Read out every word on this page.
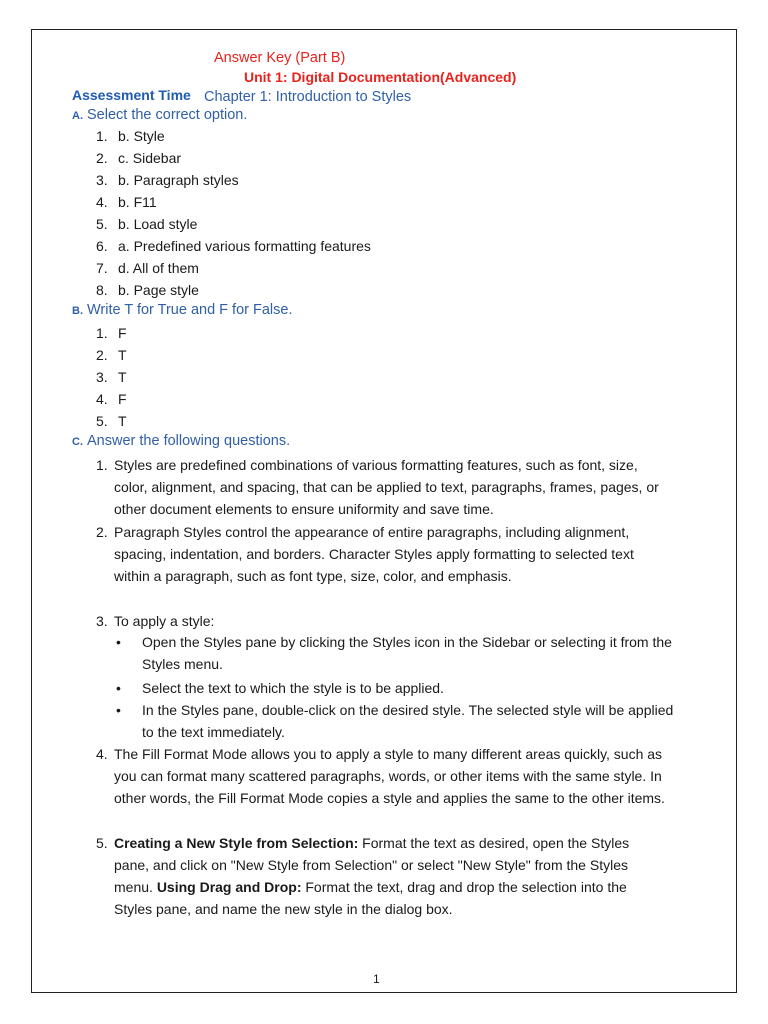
Answer Key (Part B)
Unit 1: Digital Documentation(Advanced)
Assessment Time Chapter 1: Introduction to Styles
A. Select the correct option.
1. b. Style
2. c. Sidebar
3. b. Paragraph styles
4. b. F11
5. b. Load style
6. a. Predefined various formatting features
7. d. All of them
8. b. Page style
B. Write T for True and F for False.
1. F
2. T
3. T
4. F
5. T
C. Answer the following questions.
1. Styles are predefined combinations of various formatting features, such as font, size, color, alignment, and spacing, that can be applied to text, paragraphs, frames, pages, or other document elements to ensure uniformity and save time.
2. Paragraph Styles control the appearance of entire paragraphs, including alignment, spacing, indentation, and borders. Character Styles apply formatting to selected text within a paragraph, such as font type, size, color, and emphasis.
3. To apply a style:
•	Open the Styles pane by clicking the Styles icon in the Sidebar or selecting it from the Styles menu.
•	Select the text to which the style is to be applied.
•	In the Styles pane, double-click on the desired style. The selected style will be applied to the text immediately.
4. The Fill Format Mode allows you to apply a style to many different areas quickly, such as you can format many scattered paragraphs, words, or other items with the same style. In other words, the Fill Format Mode copies a style and applies the same to the other items.
5. Creating a New Style from Selection: Format the text as desired, open the Styles pane, and click on "New Style from Selection" or select "New Style" from the Styles menu. Using Drag and Drop: Format the text, drag and drop the selection into the Styles pane, and name the new style in the dialog box.
1
